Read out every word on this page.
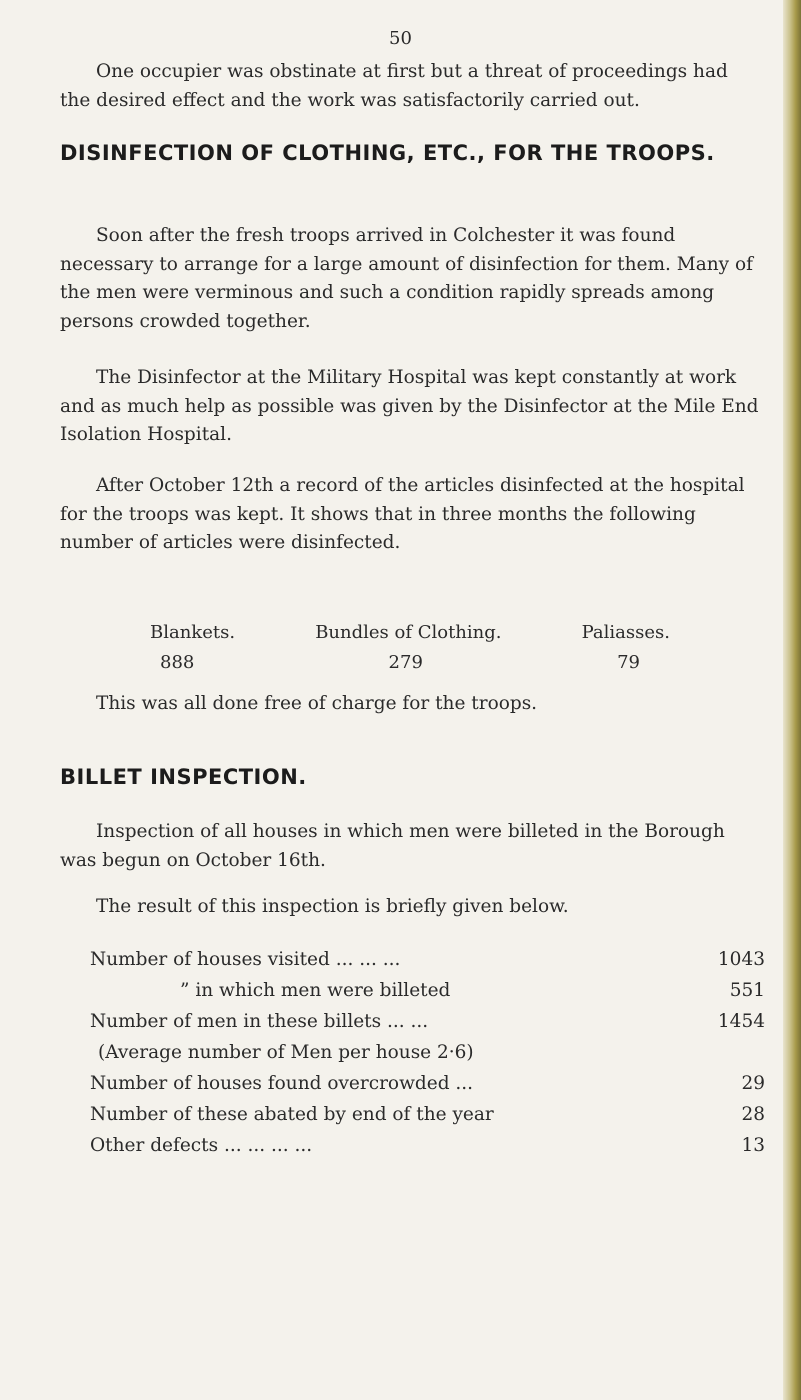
50

One occupier was obstinate at first but a threat of proceedings had the desired effect and the work was satisfactorily carried out.

DISINFECTION OF CLOTHING, ETC., FOR THE TROOPS.

Soon after the fresh troops arrived in Colchester it was found necessary to arrange for a large amount of disinfection for them. Many of the men were verminous and such a condition rapidly spreads among persons crowded together.

The Disinfector at the Military Hospital was kept constantly at work and as much help as possible was given by the Disinfector at the Mile End Isolation Hospital.

After October 12th a record of the articles disinfected at the hospital for the troops was kept. It shows that in three months the following number of articles were disinfected.

Blankets.	Bundles of Clothing.	Paliasses.
888	279	79

This was all done free of charge for the troops.

BILLET INSPECTION.

Inspection of all houses in which men were billeted in the Borough was begun on October 16th.

The result of this inspection is briefly given below.

Number of houses visited ... ... ...	1043
” in which men were billeted	551
Number of men in these billets ... ...	1454
(Average number of Men per house 2·6)
Number of houses found overcrowded ...	29
Number of these abated by end of the year	28
Other defects ... ... ... ...	13
